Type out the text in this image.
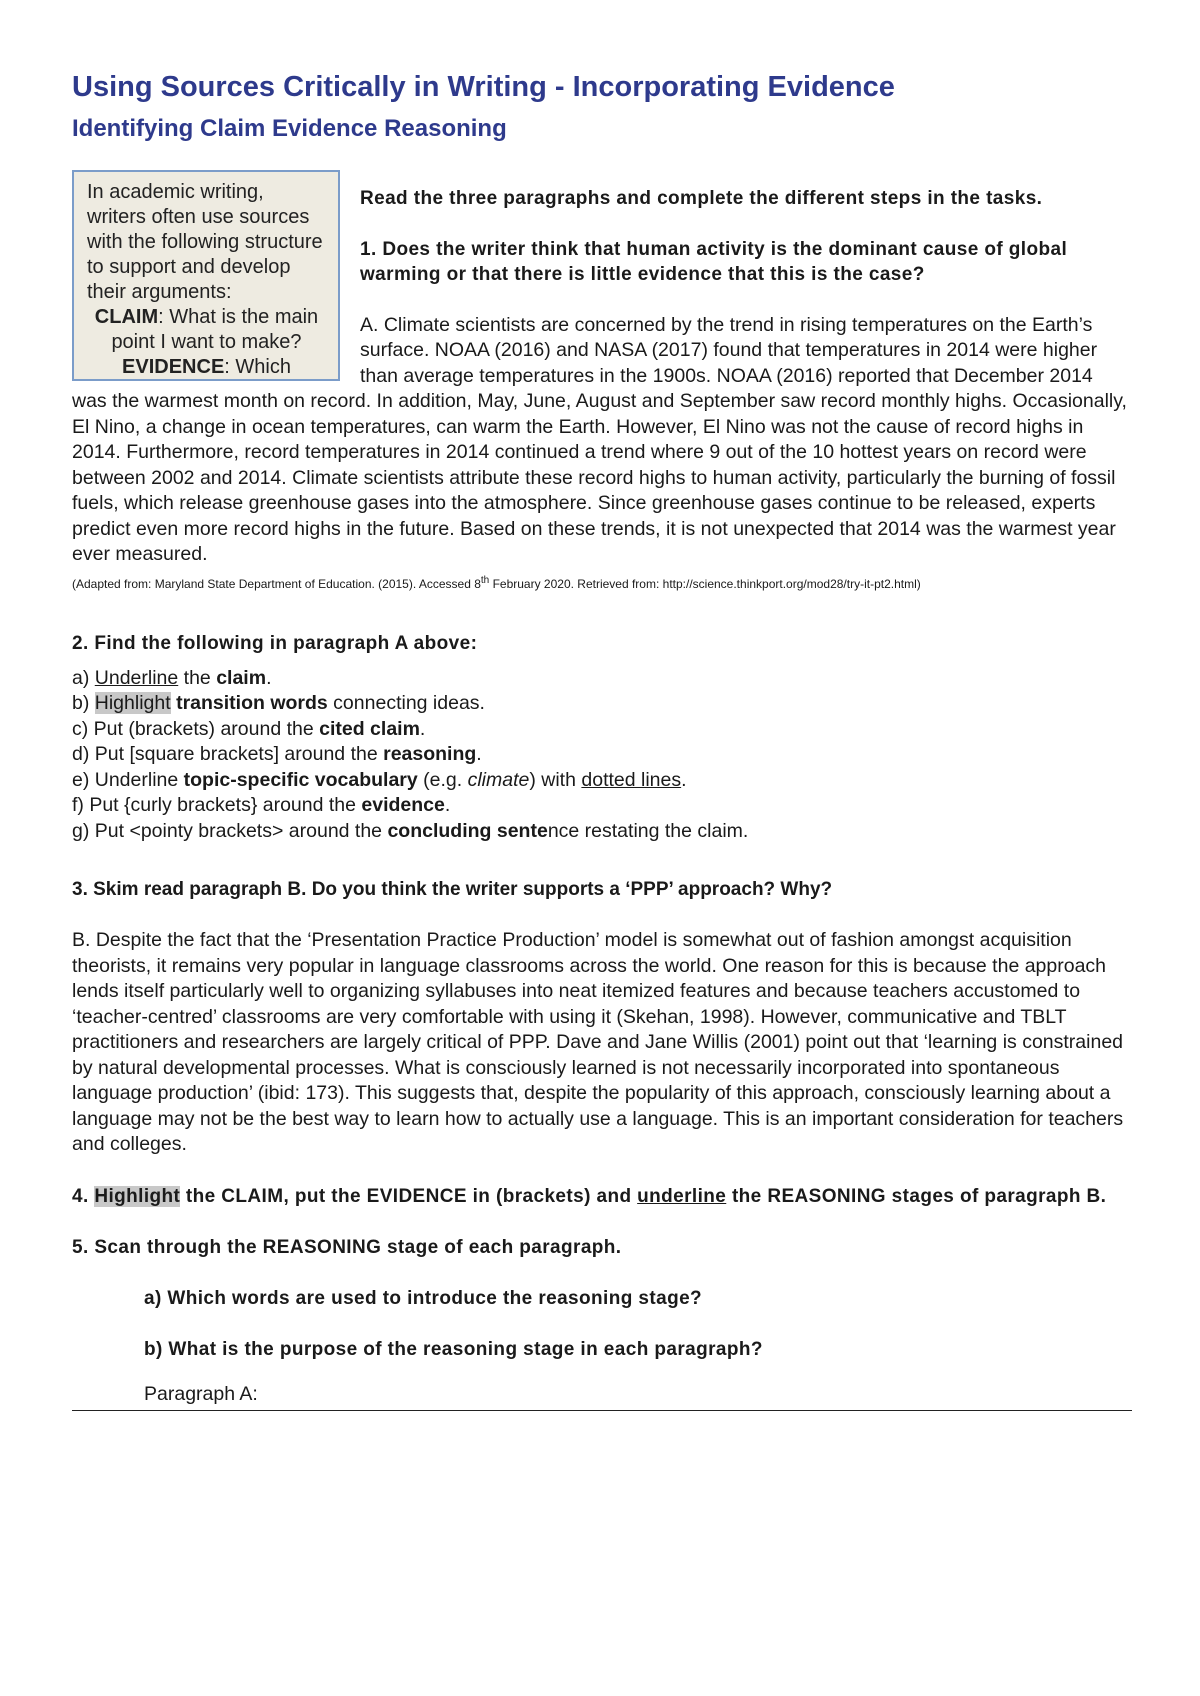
Using Sources Critically in Writing - Incorporating Evidence
Identifying Claim Evidence Reasoning
In academic writing, writers often use sources with the following structure to support and develop their arguments:
CLAIM: What is the main point I want to make?
EVIDENCE: Which

Read the three paragraphs and complete the different steps in the tasks.

1. Does the writer think that human activity is the dominant cause of global warming or that there is little evidence that this is the case?

A. Climate scientists are concerned by the trend in rising temperatures on the Earth’s surface. NOAA (2016) and NASA (2017) found that temperatures in 2014 were higher than average temperatures in the 1900s. NOAA (2016) reported that December 2014 was the warmest month on record. In addition, May, June, August and September saw record monthly highs. Occasionally, El Nino, a change in ocean temperatures, can warm the Earth. However, El Nino was not the cause of record highs in 2014. Furthermore, record temperatures in 2014 continued a trend where 9 out of the 10 hottest years on record were between 2002 and 2014. Climate scientists attribute these record highs to human activity, particularly the burning of fossil fuels, which release greenhouse gases into the atmosphere. Since greenhouse gases continue to be released, experts predict even more record highs in the future. Based on these trends, it is not unexpected that 2014 was the warmest year ever measured.

(Adapted from: Maryland State Department of Education. (2015). Accessed 8th February 2020. Retrieved from: http://science.thinkport.org/mod28/try-it-pt2.html)

2. Find the following in paragraph A above:

a) Underline the claim.
b) Highlight transition words connecting ideas.
c) Put (brackets) around the cited claim.
d) Put [square brackets] around the reasoning.
e) Underline topic-specific vocabulary (e.g. climate) with dotted lines.
f) Put {curly brackets} around the evidence.
g) Put <pointy brackets> around the concluding sentence restating the claim.

3. Skim read paragraph B. Do you think the writer supports a ‘PPP’ approach? Why?

B. Despite the fact that the ‘Presentation Practice Production’ model is somewhat out of fashion amongst acquisition theorists, it remains very popular in language classrooms across the world. One reason for this is because the approach lends itself particularly well to organizing syllabuses into neat itemized features and because teachers accustomed to ‘teacher-centred’ classrooms are very comfortable with using it (Skehan, 1998). However, communicative and TBLT practitioners and researchers are largely critical of PPP. Dave and Jane Willis (2001) point out that ‘learning is constrained by natural developmental processes. What is consciously learned is not necessarily incorporated into spontaneous language production’ (ibid: 173). This suggests that, despite the popularity of this approach, consciously learning about a language may not be the best way to learn how to actually use a language. This is an important consideration for teachers and colleges.

4. Highlight the CLAIM, put the EVIDENCE in (brackets) and underline the REASONING stages of paragraph B.

5. Scan through the REASONING stage of each paragraph.

a) Which words are used to introduce the reasoning stage?

b) What is the purpose of the reasoning stage in each paragraph?

Paragraph A:
